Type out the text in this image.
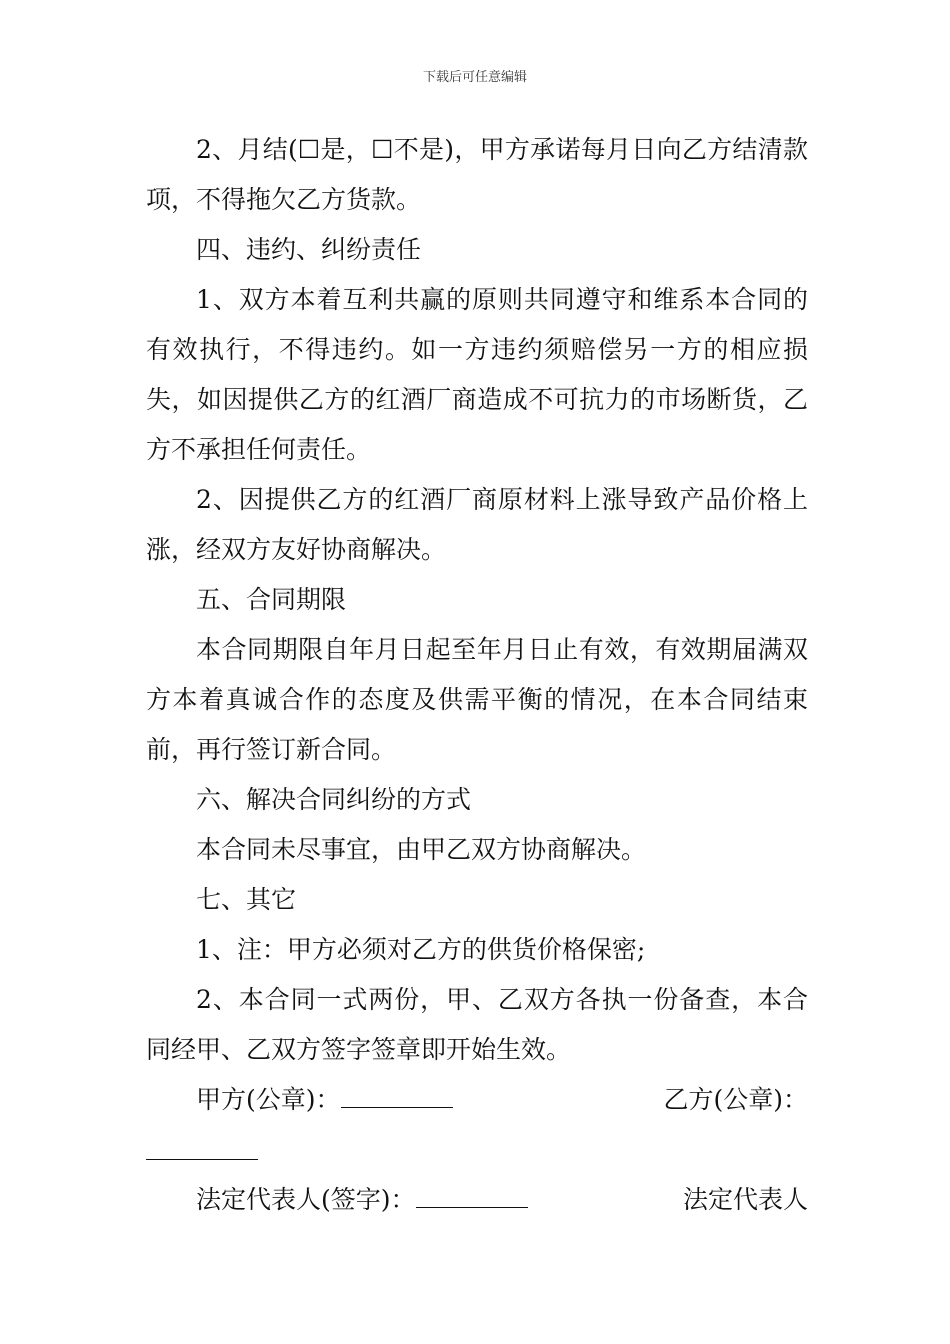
下载后可任意编辑

2、月结(☐是，☐不是)，甲方承诺每月日向乙方结清款项，不得拖欠乙方货款。

四、违约、纠纷责任

1、双方本着互利共赢的原则共同遵守和维系本合同的有效执行，不得违约。如一方违约须赔偿另一方的相应损失，如因提供乙方的红酒厂商造成不可抗力的市场断货，乙方不承担任何责任。

2、因提供乙方的红酒厂商原材料上涨导致产品价格上涨，经双方友好协商解决。

五、合同期限

本合同期限自年月日起至年月日止有效，有效期届满双方本着真诚合作的态度及供需平衡的情况，在本合同结束前，再行签订新合同。

六、解决合同纠纷的方式

本合同未尽事宜，由甲乙双方协商解决。

七、其它

1、注：甲方必须对乙方的供货价格保密;

2、本合同一式两份，甲、乙双方各执一份备查，本合同经甲、乙双方签字签章即开始生效。

甲方(公章)：	乙方(公章)：
法定代表人(签字)：	法定代表人
